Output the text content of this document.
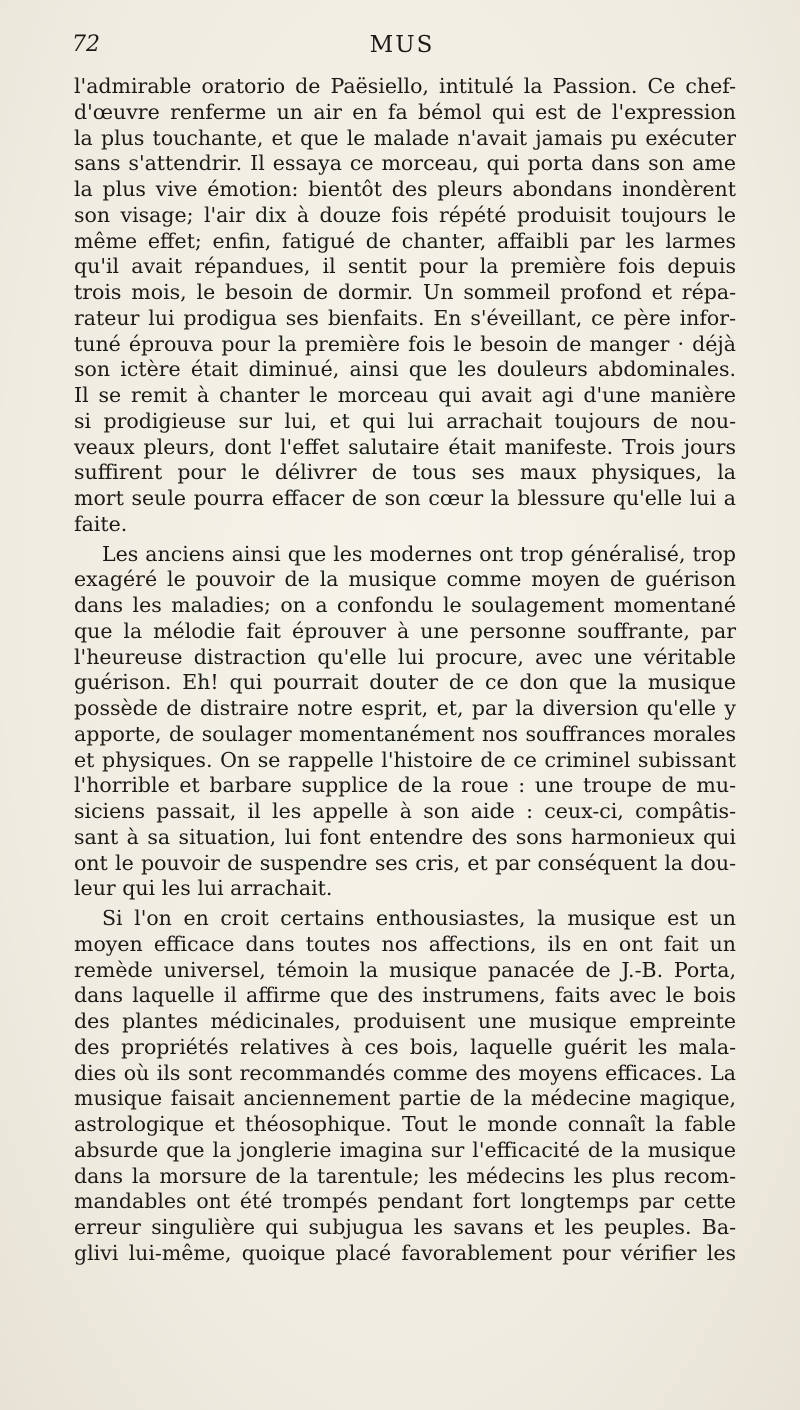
72	MUS
l'admirable oratorio de Paësiello, intitulé la Passion. Ce chef-
d'œuvre renferme un air en fa bémol qui est de l'expression
la plus touchante, et que le malade n'avait jamais pu exécuter
sans s'attendrir. Il essaya ce morceau, qui porta dans son ame
la plus vive émotion: bientôt des pleurs abondans inondèrent
son visage; l'air dix à douze fois répété produisit toujours le
même effet; enfin, fatigué de chanter, affaibli par les larmes
qu'il avait répandues, il sentit pour la première fois depuis
trois mois, le besoin de dormir. Un sommeil profond et répa-
rateur lui prodigua ses bienfaits. En s'éveillant, ce père infor-
tuné éprouva pour la première fois le besoin de manger · déjà
son ictère était diminué, ainsi que les douleurs abdominales.
Il se remit à chanter le morceau qui avait agi d'une manière
si prodigieuse sur lui, et qui lui arrachait toujours de nou-
veaux pleurs, dont l'effet salutaire était manifeste. Trois jours
suffirent pour le délivrer de tous ses maux physiques, la
mort seule pourra effacer de son cœur la blessure qu'elle lui a
faite.
Les anciens ainsi que les modernes ont trop généralisé, trop
exagéré le pouvoir de la musique comme moyen de guérison
dans les maladies; on a confondu le soulagement momentané
que la mélodie fait éprouver à une personne souffrante, par
l'heureuse distraction qu'elle lui procure, avec une véritable
guérison. Eh! qui pourrait douter de ce don que la musique
possède de distraire notre esprit, et, par la diversion qu'elle y
apporte, de soulager momentanément nos souffrances morales
et physiques. On se rappelle l'histoire de ce criminel subissant
l'horrible et barbare supplice de la roue : une troupe de mu-
siciens passait, il les appelle à son aide : ceux-ci, compâtis-
sant à sa situation, lui font entendre des sons harmonieux qui
ont le pouvoir de suspendre ses cris, et par conséquent la dou-
leur qui les lui arrachait.
Si l'on en croit certains enthousiastes, la musique est un
moyen efficace dans toutes nos affections, ils en ont fait un
remède universel, témoin la musique panacée de J.-B. Porta,
dans laquelle il affirme que des instrumens, faits avec le bois
des plantes médicinales, produisent une musique empreinte
des propriétés relatives à ces bois, laquelle guérit les mala-
dies où ils sont recommandés comme des moyens efficaces. La
musique faisait anciennement partie de la médecine magique,
astrologique et théosophique. Tout le monde connaît la fable
absurde que la jonglerie imagina sur l'efficacité de la musique
dans la morsure de la tarentule; les médecins les plus recom-
mandables ont été trompés pendant fort longtemps par cette
erreur singulière qui subjugua les savans et les peuples. Ba-
glivi lui-même, quoique placé favorablement pour vérifier les
